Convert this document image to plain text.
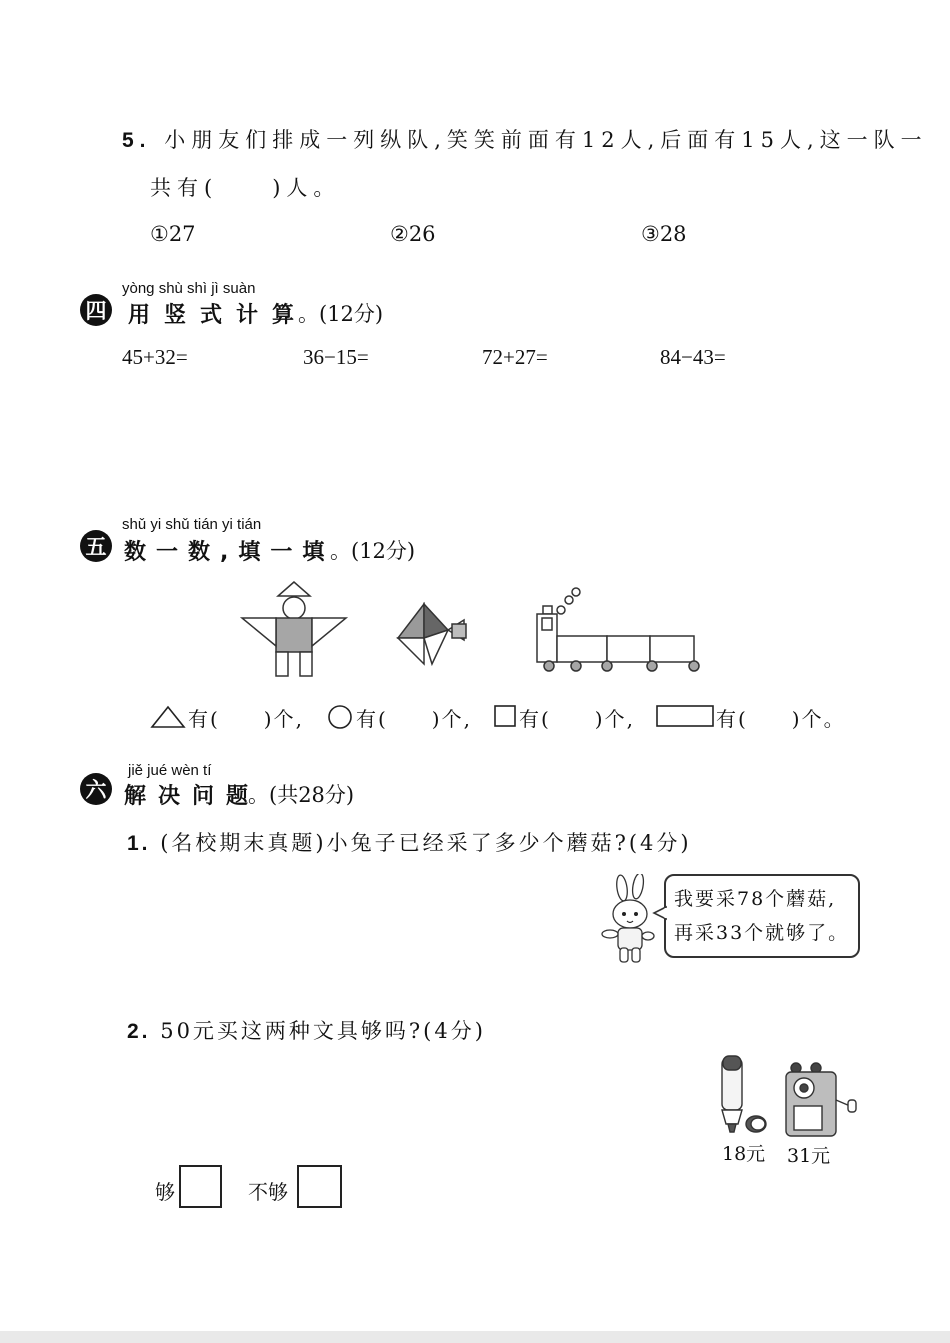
5. 小朋友们排成一列纵队,笑笑前面有12人,后面有15人,这一队一
共有(　　)人。
①27	②26	③28
yòng shù shì jì suàn
四 用竖式计算
。(12分)
45+32=	36−15=	72+27=	84−43=
shǔ yi shǔ tián yi tián
五 数一数,填一填
。(12分)
有(　　)个,	有(　　)个, 有(　　)个,	有(　　)个。
jiě jué wèn tí
六 解决问题
。(共28分)
1. (名校期末真题)小兔子已经采了多少个蘑菇?(4分)
我要采78个蘑菇,
再采33个就够了。
2. 50元买这两种文具够吗?(4分)
18元 31元
够	不够
